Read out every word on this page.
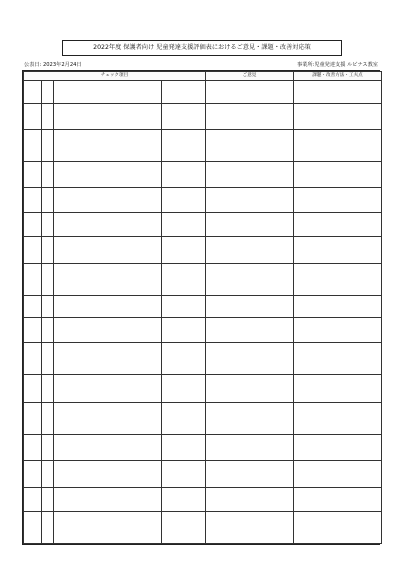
2022年度 保護者向け 児童発達支援評価表におけるご意見・課題・改善対応策
公表日: 2023年2月24日	事業所:児童発達支援 ルピナス教室
チェック項目				ご意見	課題・改善方法・工夫点
